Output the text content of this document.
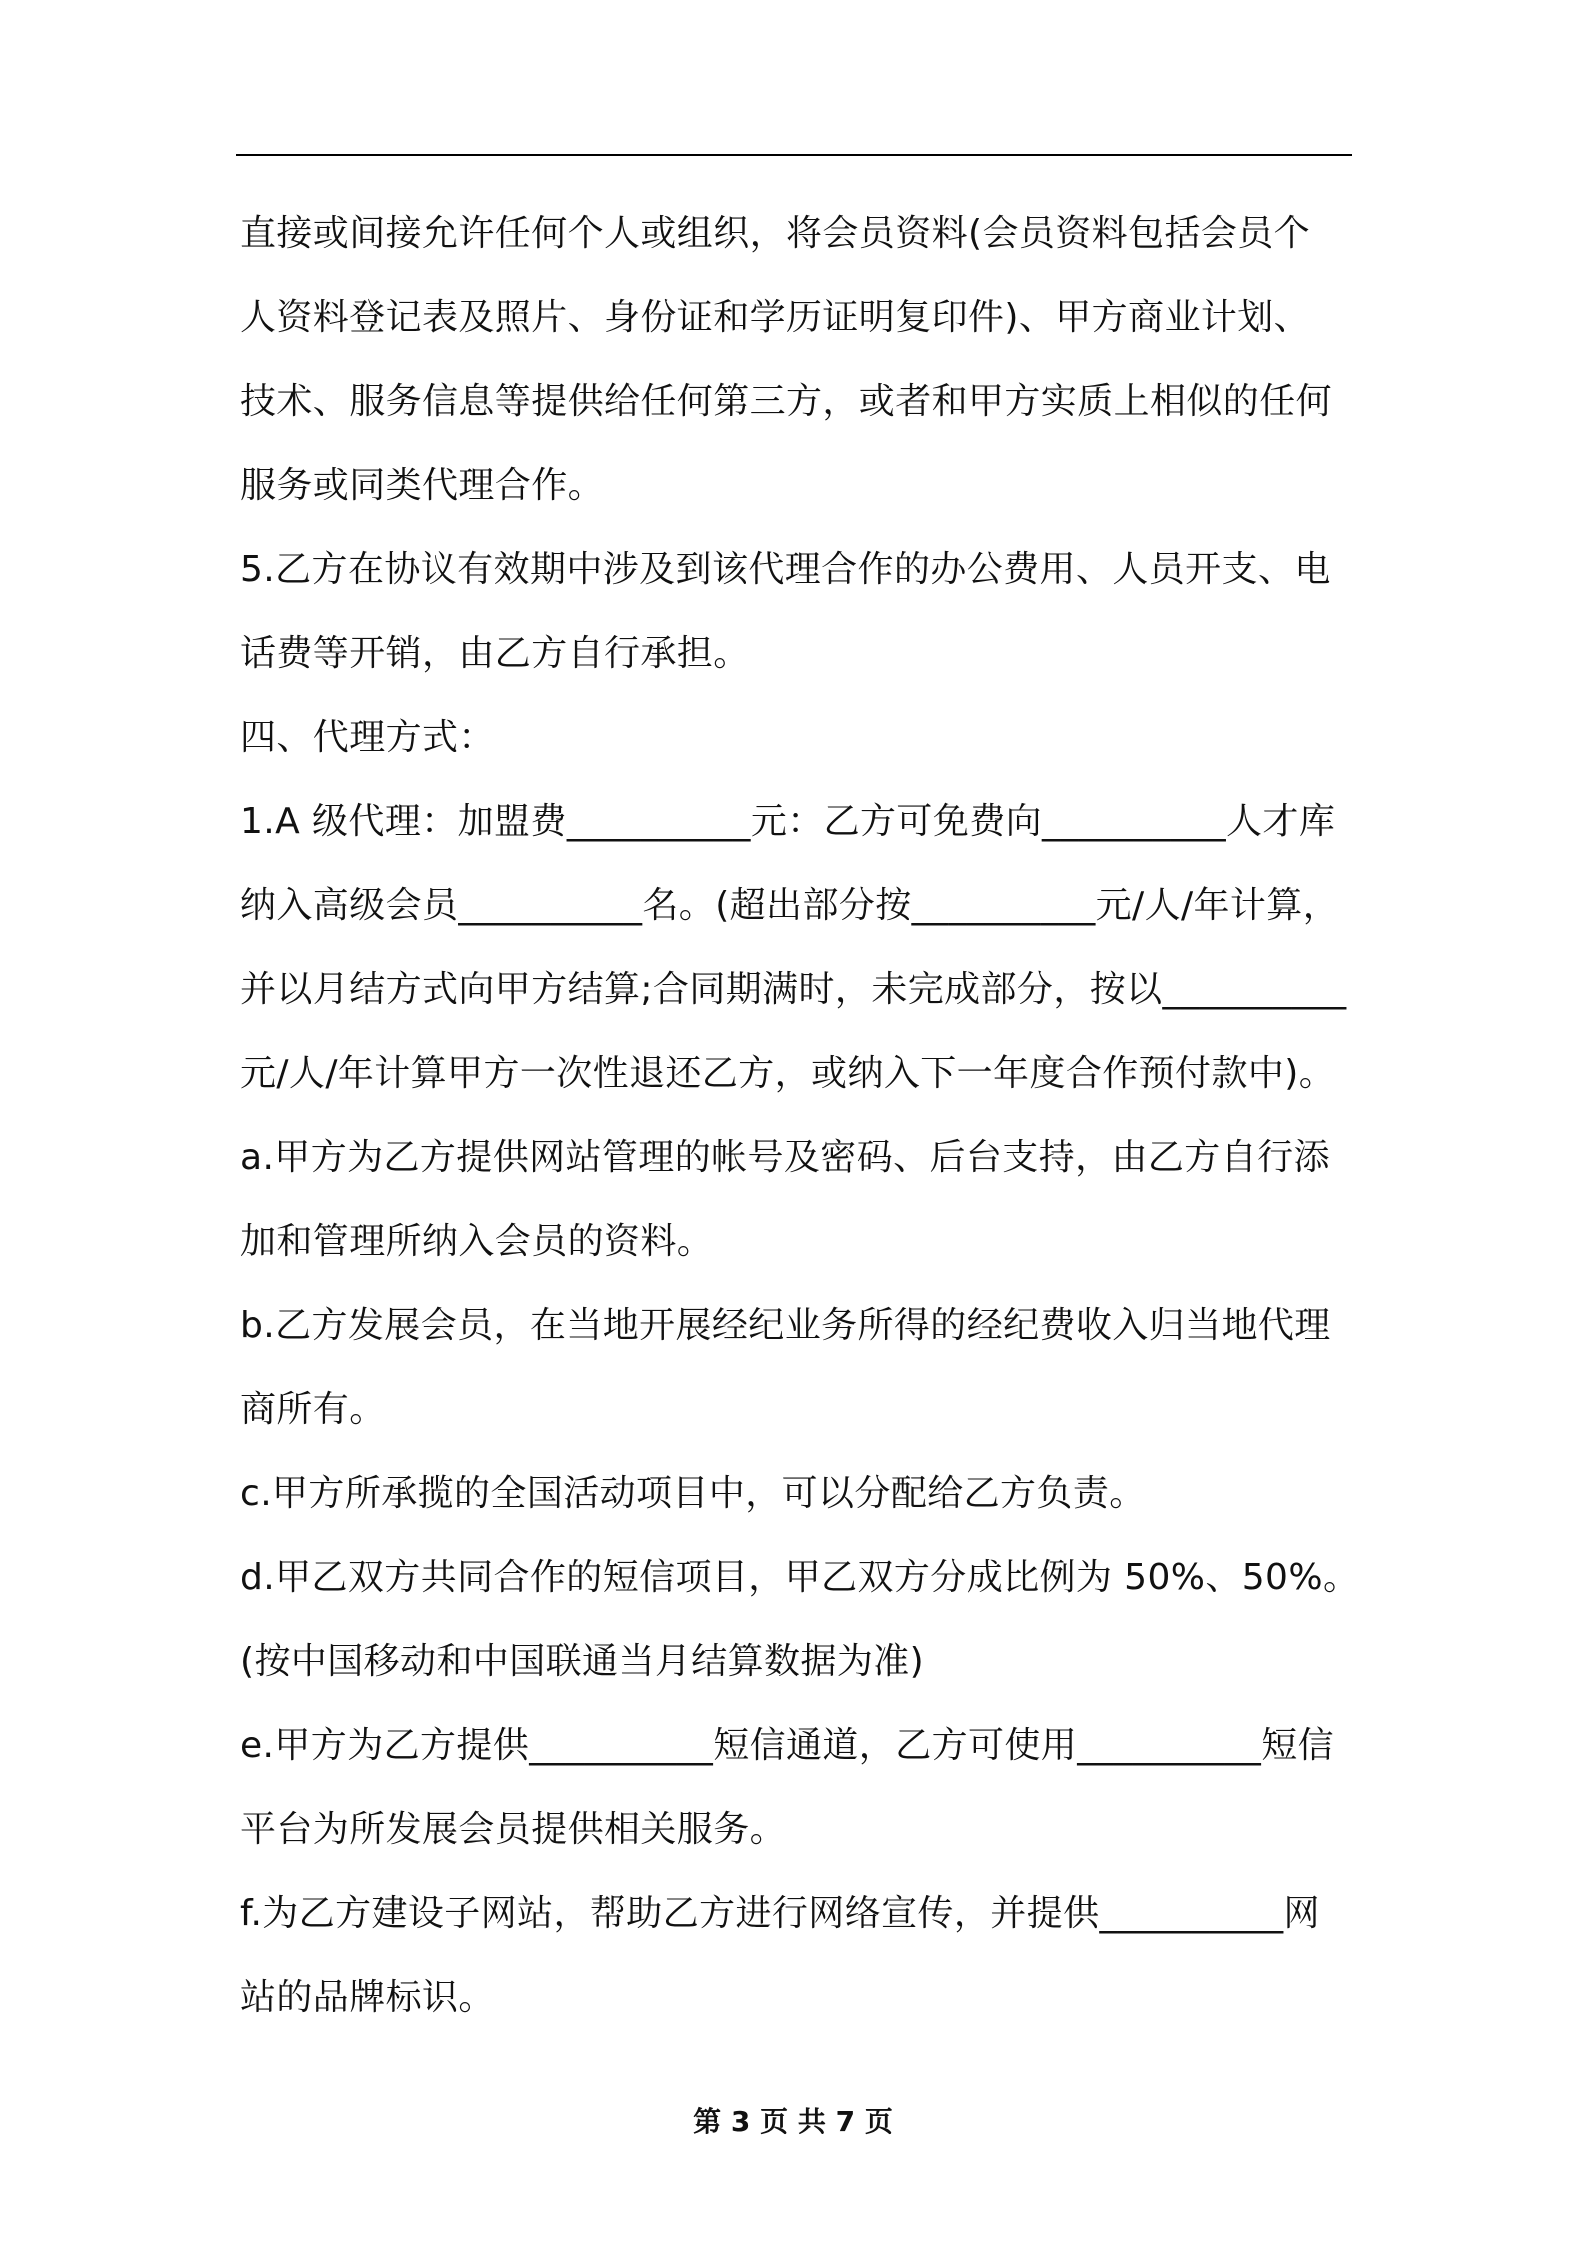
直接或间接允许任何个人或组织，将会员资料(会员资料包括会员个
人资料登记表及照片、身份证和学历证明复印件)、甲方商业计划、
技术、服务信息等提供给任何第三方，或者和甲方实质上相似的任何
服务或同类代理合作。
5.乙方在协议有效期中涉及到该代理合作的办公费用、人员开支、电
话费等开销，由乙方自行承担。
四、代理方式：
1.A 级代理：加盟费__________元：乙方可免费向__________人才库
纳入高级会员__________名。(超出部分按__________元/人/年计算，
并以月结方式向甲方结算;合同期满时，未完成部分，按以__________
元/人/年计算甲方一次性退还乙方，或纳入下一年度合作预付款中)。
a.甲方为乙方提供网站管理的帐号及密码、后台支持，由乙方自行添
加和管理所纳入会员的资料。
b.乙方发展会员，在当地开展经纪业务所得的经纪费收入归当地代理
商所有。
c.甲方所承揽的全国活动项目中，可以分配给乙方负责。
d.甲乙双方共同合作的短信项目，甲乙双方分成比例为 50%、50%。
(按中国移动和中国联通当月结算数据为准)
e.甲方为乙方提供__________短信通道，乙方可使用__________短信
平台为所发展会员提供相关服务。
f.为乙方建设子网站，帮助乙方进行网络宣传，并提供__________网
站的品牌标识。
第 3 页 共 7 页
